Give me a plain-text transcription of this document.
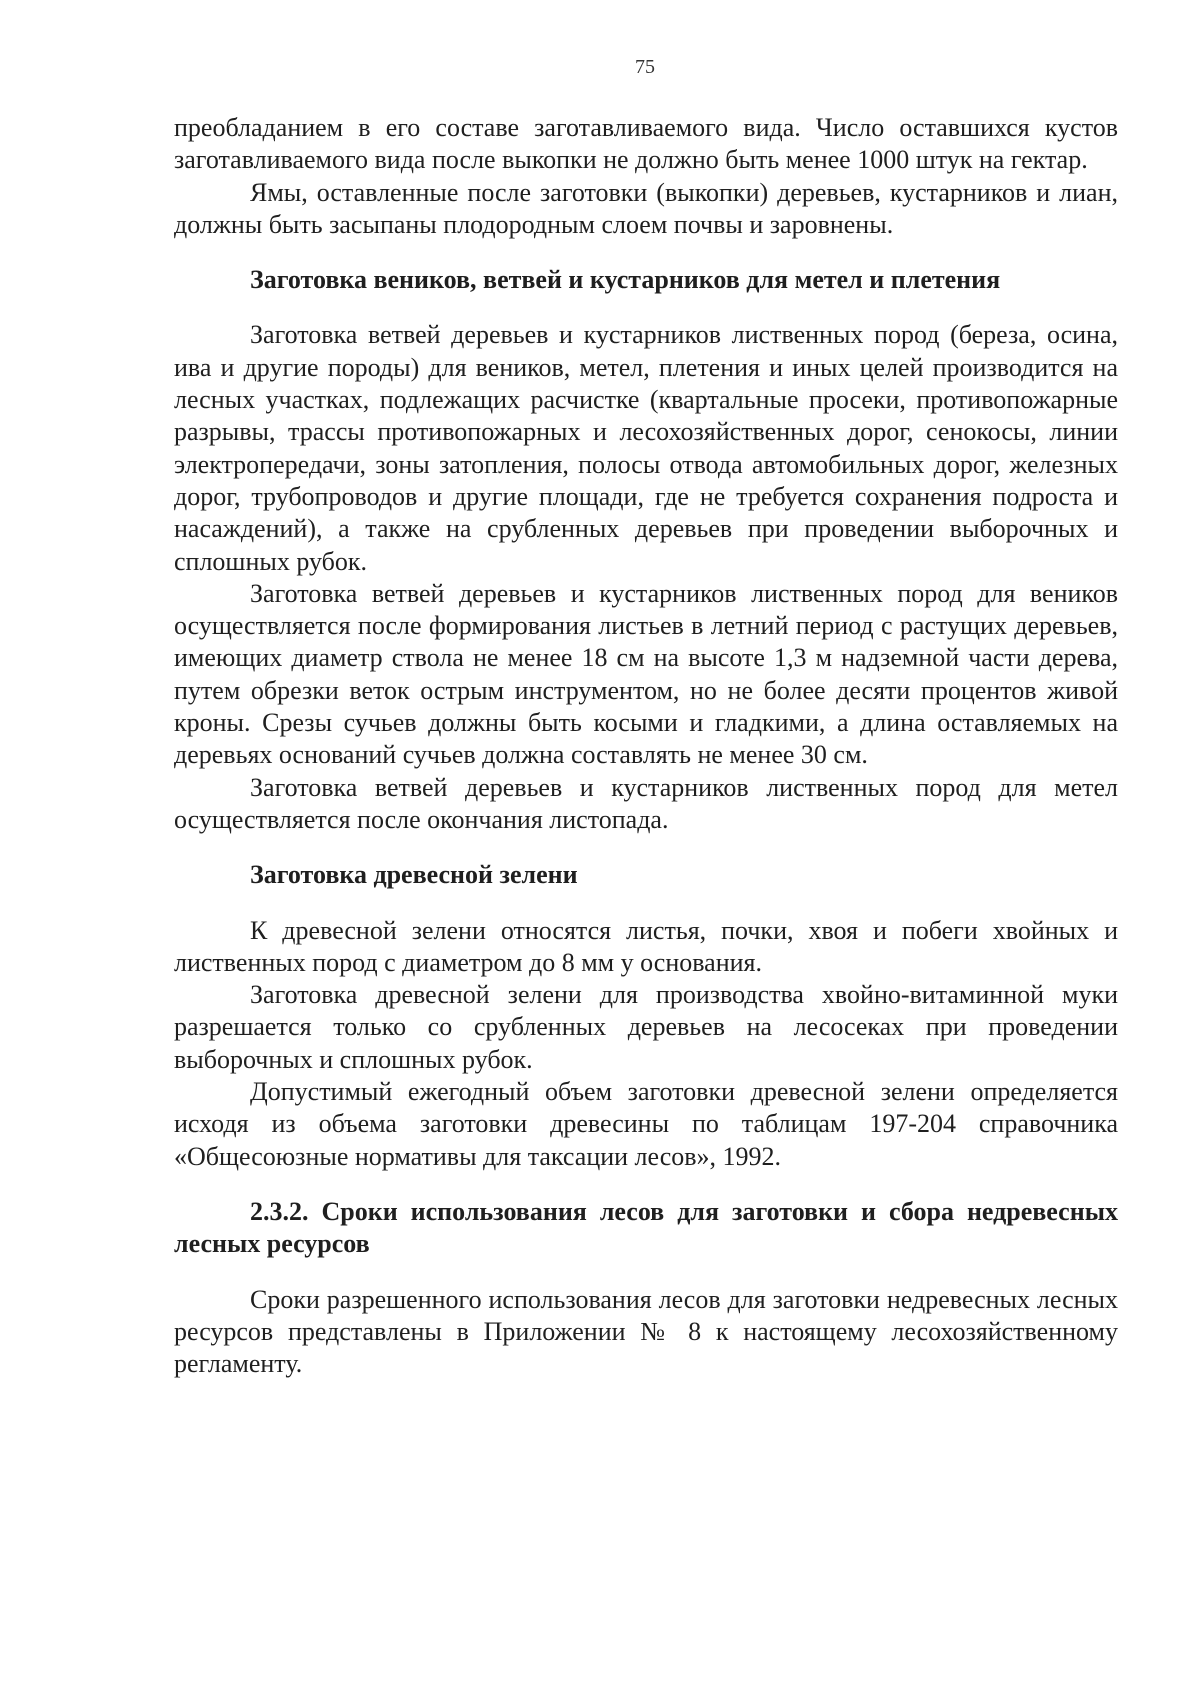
75

преобладанием в его составе заготавливаемого вида. Число оставшихся кустов заготавливаемого вида после выкопки не должно быть менее 1000 штук на гектар.

Ямы, оставленные после заготовки (выкопки) деревьев, кустарников и лиан, должны быть засыпаны плодородным слоем почвы и заровнены.

Заготовка веников, ветвей и кустарников для метел и плетения

Заготовка ветвей деревьев и кустарников лиственных пород (береза, осина, ива и другие породы) для веников, метел, плетения и иных целей производится на лесных участках, подлежащих расчистке (квартальные просеки, противопожарные разрывы, трассы противопожарных и лесохозяйственных дорог, сенокосы, линии электропередачи, зоны затопления, полосы отвода автомобильных дорог, железных дорог, трубопроводов и другие площади, где не требуется сохранения подроста и насаждений), а также на срубленных деревьев при проведении выборочных и сплошных рубок.

Заготовка ветвей деревьев и кустарников лиственных пород для веников осуществляется после формирования листьев в летний период с растущих деревьев, имеющих диаметр ствола не менее 18 см на высоте 1,3 м надземной части дерева, путем обрезки веток острым инструментом, но не более десяти процентов живой кроны. Срезы сучьев должны быть косыми и гладкими, а длина оставляемых на деревьях оснований сучьев должна составлять не менее 30 см.

Заготовка ветвей деревьев и кустарников лиственных пород для метел осуществляется после окончания листопада.

Заготовка древесной зелени

К древесной зелени относятся листья, почки, хвоя и побеги хвойных и лиственных пород с диаметром до 8 мм у основания.

Заготовка древесной зелени для производства хвойно-витаминной муки разрешается только со срубленных деревьев на лесосеках при проведении выборочных и сплошных рубок.

Допустимый ежегодный объем заготовки древесной зелени определяется исходя из объема заготовки древесины по таблицам 197-204 справочника «Общесоюзные нормативы для таксации лесов», 1992.

2.3.2. Сроки использования лесов для заготовки и сбора недревесных лесных ресурсов

Сроки разрешенного использования лесов для заготовки недревесных лесных ресурсов представлены в Приложении № 8 к настоящему лесохозяйственному регламенту.
